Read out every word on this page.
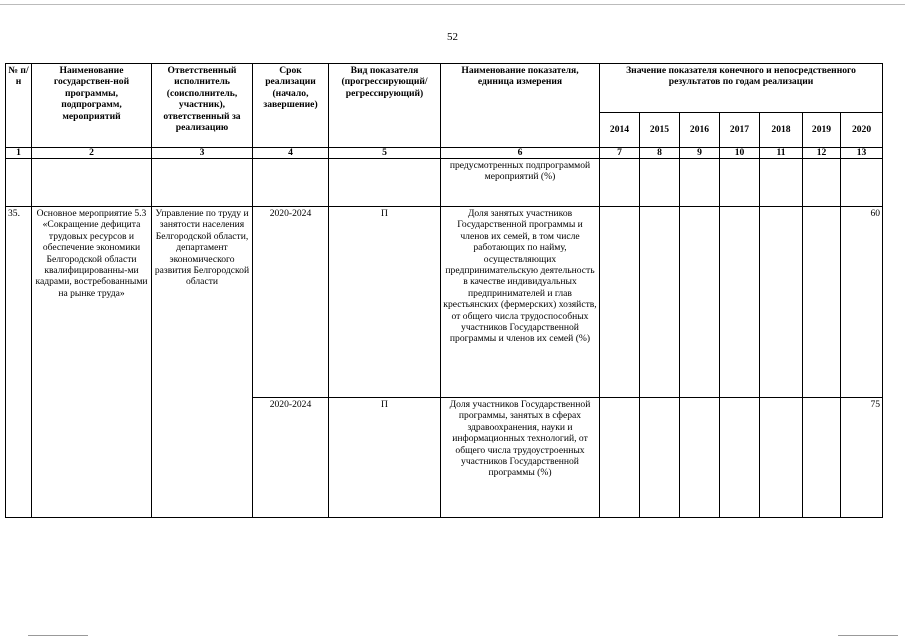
52
№ п/н	Наименование государствен-ной программы, подпрограмм, мероприятий	Ответственный исполнитель (соисполнитель, участник), ответственный за реализацию	Срок реализации (начало, завершение)	Вид показателя (прогрессирующий/ регрессирующий)	Наименование показателя, единица измерения	Значение показателя конечного и непосредственного результатов по годам реализации						
						2014	2015	2016	2017	2018	2019	2020
1	2	3	4	5	6	7	8	9	10	11	12	13
					предусмотренных подпрограммой мероприятий (%)							
35.	Основное мероприятие 5.3 «Сокращение дефицита трудовых ресурсов и обеспечение экономики Белгородской области квалифицированны-ми кадрами, востребованными на рынке труда»	Управление по труду и занятости населения Белгородской области, департамент экономического развития Белгородской области	2020-2024	П	Доля занятых участников Государственной программы и членов их семей, в том числе работающих по найму, осуществляющих предпринимательскую деятельность в качестве индивидуальных предпринимателей и глав крестьянских (фермерских) хозяйств, от общего числа трудоспособных участников Государственной программы и членов их семей (%)							60
			2020-2024	П	Доля участников Государственной программы, занятых в сферах здравоохранения, науки и информационных технологий, от общего числа трудоустроенных участников Государственной программы (%)							75
